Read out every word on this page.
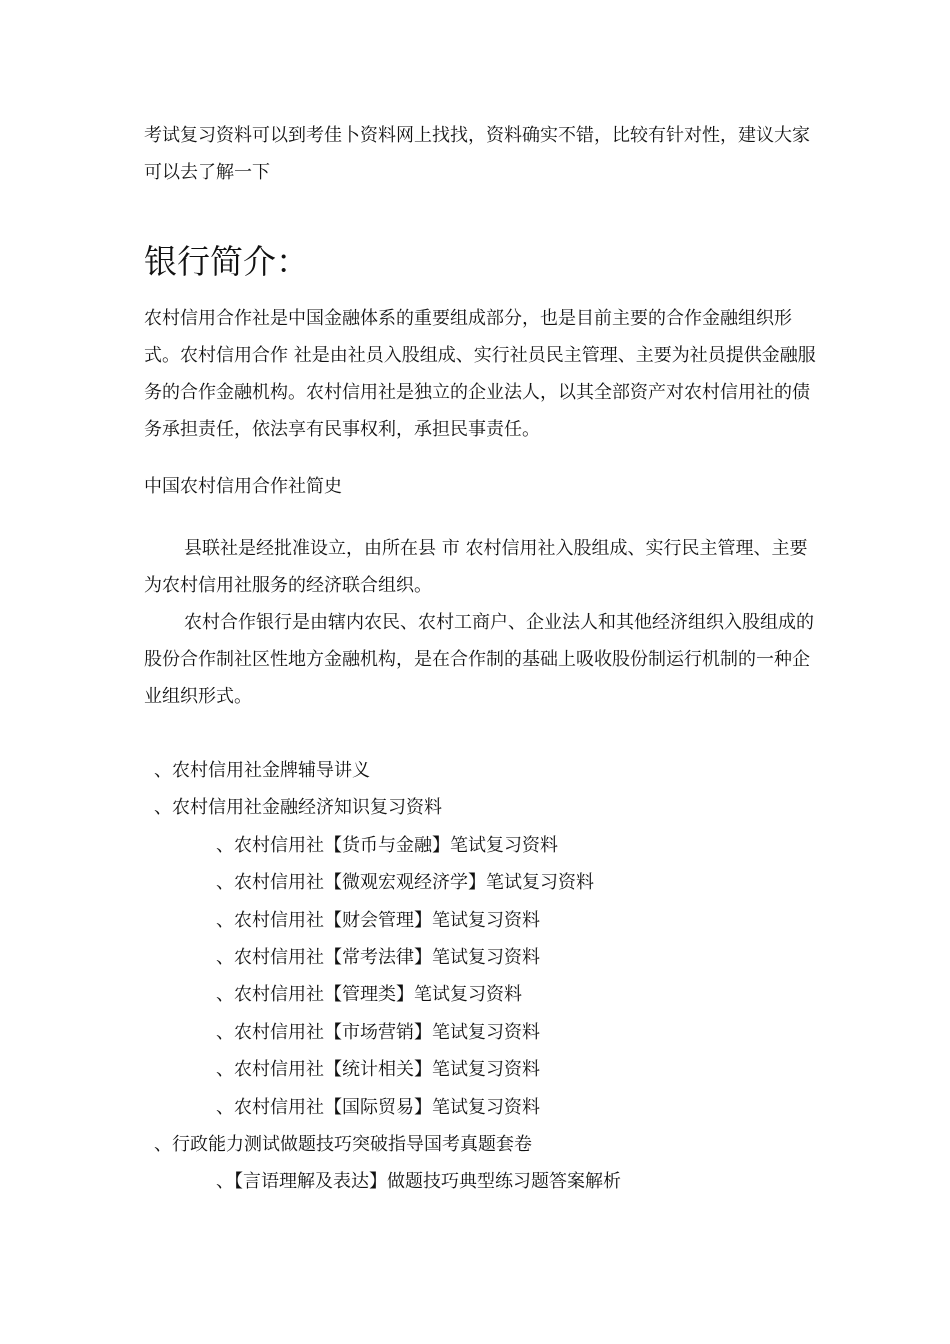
考试复习资料可以到考佳卜资料网上找找，资料确实不错，比较有针对性，建议大家可以去了解一下

银行简介：

农村信用合作社是中国金融体系的重要组成部分，也是目前主要的合作金融组织形式。农村信用合作 社是由社员入股组成、实行社员民主管理、主要为社员提供金融服务的合作金融机构。农村信用社是独立的企业法人，以其全部资产对农村信用社的债务承担责任，依法享有民事权利，承担民事责任。

中国农村信用合作社简史

县联社是经批准设立，由所在县 市 农村信用社入股组成、实行民主管理、主要为农村信用社服务的经济联合组织。

农村合作银行是由辖内农民、农村工商户、企业法人和其他经济组织入股组成的股份合作制社区性地方金融机构，是在合作制的基础上吸收股份制运行机制的一种企业组织形式。

、农村信用社金牌辅导讲义
、农村信用社金融经济知识复习资料
、农村信用社【货币与金融】笔试复习资料
、农村信用社【微观宏观经济学】笔试复习资料
、农村信用社【财会管理】笔试复习资料
、农村信用社【常考法律】笔试复习资料
、农村信用社【管理类】笔试复习资料
、农村信用社【市场营销】笔试复习资料
、农村信用社【统计相关】笔试复习资料
、农村信用社【国际贸易】笔试复习资料
、行政能力测试做题技巧突破指导国考真题套卷
、【言语理解及表达】做题技巧典型练习题答案解析
